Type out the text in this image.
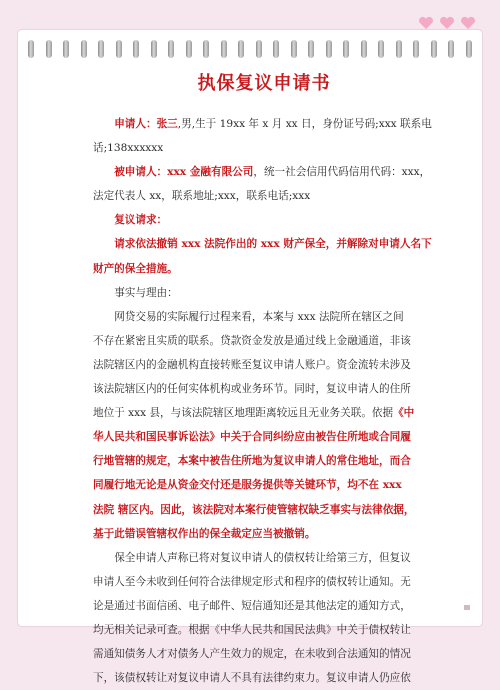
执保复议申请书

申请人：张三,男,生于 19xx 年 x 月 xx 日，身份证号码;xxx 联系电话;138xxxxxx

被申请人：xxx 金融有限公司，统一社会信用代码信用代码：xxx，法定代表人 xx，联系地址;xxx，联系电话;xxx

复议请求：

请求依法撤销 xxx 法院作出的 xxx 财产保全，并解除对申请人名下财产的保全措施。

事实与理由：

网贷交易的实际履行过程来看，本案与 xxx 法院所在辖区之间

不存在紧密且实质的联系。贷款资金发放是通过线上金融通道，非该

法院辖区内的金融机构直接转账至复议申请人账户。资金流转未涉及

该法院辖区内的任何实体机构或业务环节。同时，复议申请人的住所

地位于 xxx 县，与该法院辖区地理距离较远且无业务关联。依据《中

华人民共和国民事诉讼法》中关于合同纠纷应由被告住所地或合同履

行地管辖的规定，本案中被告住所地为复议申请人的常住地址，而合

同履行地无论是从资金交付还是服务提供等关键环节，均不在 xxx

法院 辖区内。因此，该法院对本案行使管辖权缺乏事实与法律依据，

基于此错误管辖权作出的保全裁定应当被撤销。

保全申请人声称已将对复议申请人的债权转让给第三方，但复议

申请人至今未收到任何符合法律规定形式和程序的债权转让通知。无

论是通过书面信函、电子邮件、短信通知还是其他法定的通知方式，

均无相关记录可查。根据《中华人民共和国民法典》中关于债权转让

需通知债务人才对债务人产生效力的规定，在未收到合法通知的情况

下，该债权转让对复议申请人不具有法律约束力。复议申请人仍应依
